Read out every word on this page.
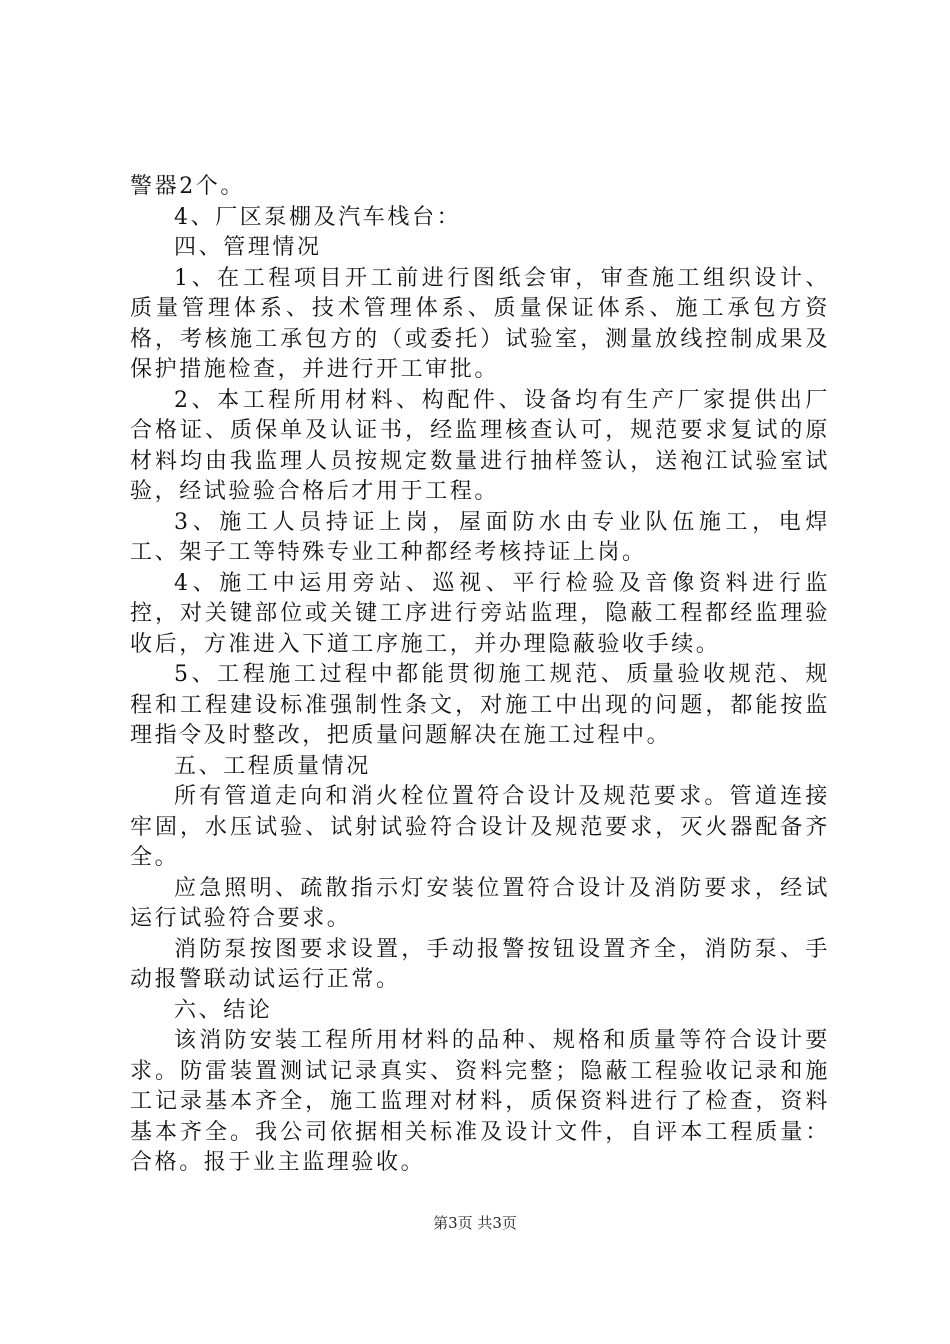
警器2个。

4、厂区泵棚及汽车栈台：

四、管理情况

1、在工程项目开工前进行图纸会审，审查施工组织设计、质量管理体系、技术管理体系、质量保证体系、施工承包方资格，考核施工承包方的（或委托）试验室，测量放线控制成果及保护措施检查，并进行开工审批。

2、本工程所用材料、构配件、设备均有生产厂家提供出厂合格证、质保单及认证书，经监理核查认可，规范要求复试的原材料均由我监理人员按规定数量进行抽样签认，送袍江试验室试验，经试验验合格后才用于工程。

3、施工人员持证上岗，屋面防水由专业队伍施工，电焊工、架子工等特殊专业工种都经考核持证上岗。

4、施工中运用旁站、巡视、平行检验及音像资料进行监控，对关键部位或关键工序进行旁站监理，隐蔽工程都经监理验收后，方准进入下道工序施工，并办理隐蔽验收手续。

5、工程施工过程中都能贯彻施工规范、质量验收规范、规程和工程建设标准强制性条文，对施工中出现的问题，都能按监理指令及时整改，把质量问题解决在施工过程中。

五、工程质量情况

所有管道走向和消火栓位置符合设计及规范要求。管道连接牢固，水压试验、试射试验符合设计及规范要求，灭火器配备齐全。

应急照明、疏散指示灯安装位置符合设计及消防要求，经试运行试验符合要求。

消防泵按图要求设置，手动报警按钮设置齐全，消防泵、手动报警联动试运行正常。

六、结论

该消防安装工程所用材料的品种、规格和质量等符合设计要求。防雷装置测试记录真实、资料完整；隐蔽工程验收记录和施工记录基本齐全，施工监理对材料，质保资料进行了检查，资料基本齐全。我公司依据相关标准及设计文件，自评本工程质量：合格。报于业主监理验收。

第3页 共3页
